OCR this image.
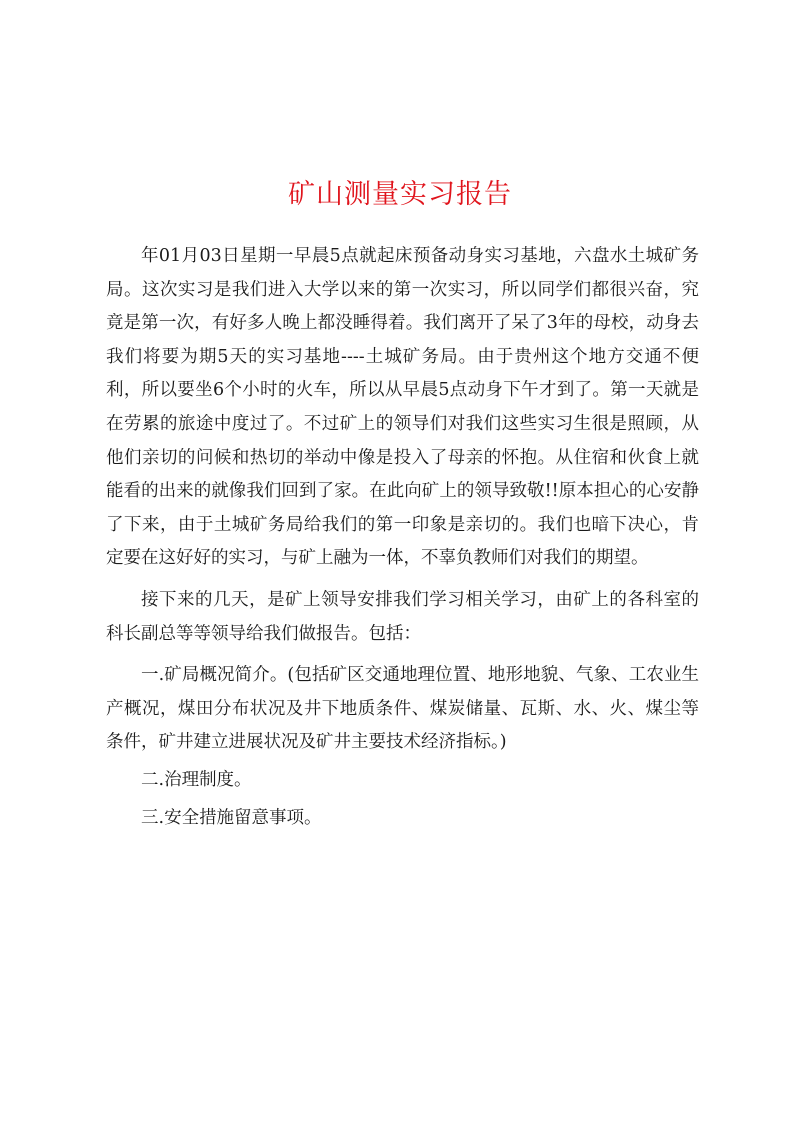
矿山测量实习报告

年01月03日星期一早晨5点就起床预备动身实习基地，六盘水土城矿务局。这次实习是我们进入大学以来的第一次实习，所以同学们都很兴奋，究竟是第一次，有好多人晚上都没睡得着。我们离开了呆了3年的母校，动身去我们将要为期5天的实习基地----土城矿务局。由于贵州这个地方交通不便利，所以要坐6个小时的火车，所以从早晨5点动身下午才到了。第一天就是在劳累的旅途中度过了。不过矿上的领导们对我们这些实习生很是照顾，从他们亲切的问候和热切的举动中像是投入了母亲的怀抱。从住宿和伙食上就能看的出来的就像我们回到了家。在此向矿上的领导致敬!!原本担心的心安静了下来，由于土城矿务局给我们的第一印象是亲切的。我们也暗下决心，肯定要在这好好的实习，与矿上融为一体，不辜负教师们对我们的期望。

接下来的几天，是矿上领导安排我们学习相关学习，由矿上的各科室的科长副总等等领导给我们做报告。包括：

一.矿局概况简介。(包括矿区交通地理位置、地形地貌、气象、工农业生产概况，煤田分布状况及井下地质条件、煤炭储量、瓦斯、水、火、煤尘等条件，矿井建立进展状况及矿井主要技术经济指标。)

二.治理制度。

三.安全措施留意事项。
